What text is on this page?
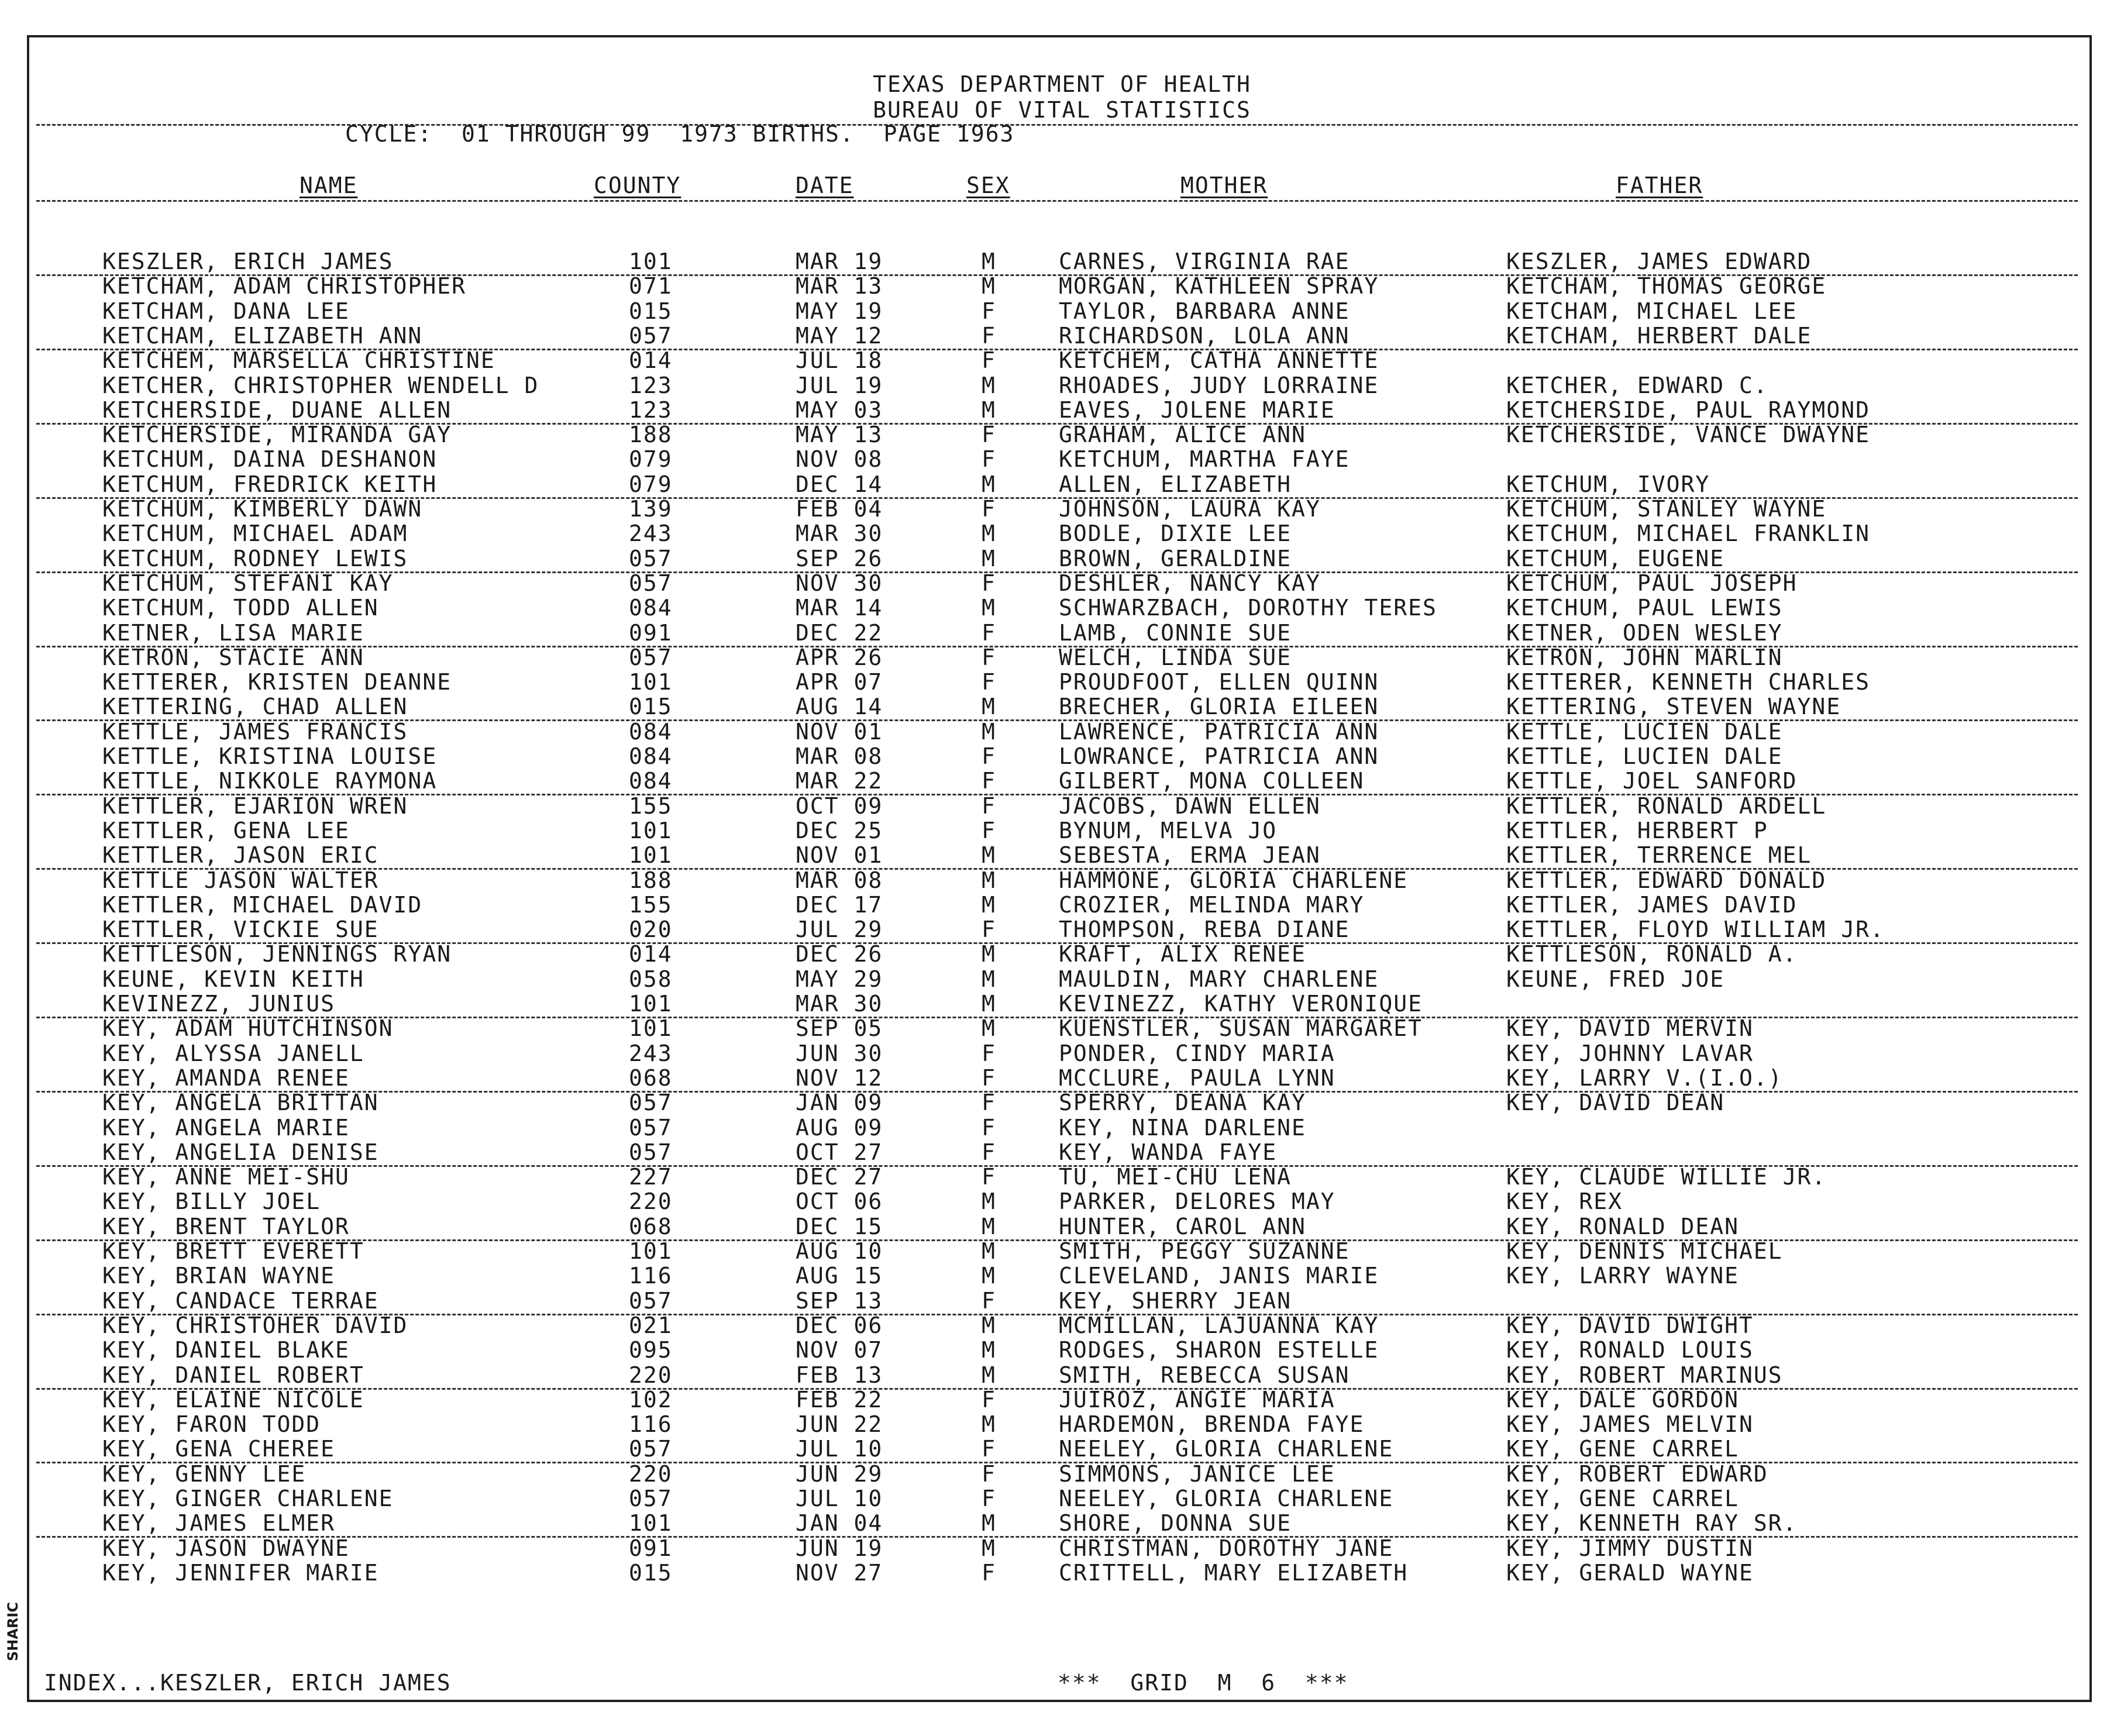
TEXAS DEPARTMENT OF HEALTH
BUREAU OF VITAL STATISTICS
CYCLE:  01 THROUGH 99  1973 BIRTHS.  PAGE 1963
NAME	COUNTY	DATE	SEX	MOTHER	FATHER
KESZLER, ERICH JAMES	101	MAR 19	M	CARNES, VIRGINIA RAE	KESZLER, JAMES EDWARD
KETCHAM, ADAM CHRISTOPHER	071	MAR 13	M	MORGAN, KATHLEEN SPRAY	KETCHAM, THOMAS GEORGE
KETCHAM, DANA LEE	015	MAY 19	F	TAYLOR, BARBARA ANNE	KETCHAM, MICHAEL LEE
KETCHAM, ELIZABETH ANN	057	MAY 12	F	RICHARDSON, LOLA ANN	KETCHAM, HERBERT DALE
KETCHEM, MARSELLA CHRISTINE	014	JUL 18	F	KETCHEM, CATHA ANNETTE
KETCHER, CHRISTOPHER WENDELL D	123	JUL 19	M	RHOADES, JUDY LORRAINE	KETCHER, EDWARD C.
KETCHERSIDE, DUANE ALLEN	123	MAY 03	M	EAVES, JOLENE MARIE	KETCHERSIDE, PAUL RAYMOND
KETCHERSIDE, MIRANDA GAY	188	MAY 13	F	GRAHAM, ALICE ANN	KETCHERSIDE, VANCE DWAYNE
KETCHUM, DAINA DESHANON	079	NOV 08	F	KETCHUM, MARTHA FAYE
KETCHUM, FREDRICK KEITH	079	DEC 14	M	ALLEN, ELIZABETH	KETCHUM, IVORY
KETCHUM, KIMBERLY DAWN	139	FEB 04	F	JOHNSON, LAURA KAY	KETCHUM, STANLEY WAYNE
KETCHUM, MICHAEL ADAM	243	MAR 30	M	BODLE, DIXIE LEE	KETCHUM, MICHAEL FRANKLIN
KETCHUM, RODNEY LEWIS	057	SEP 26	M	BROWN, GERALDINE	KETCHUM, EUGENE
KETCHUM, STEFANI KAY	057	NOV 30	F	DESHLER, NANCY KAY	KETCHUM, PAUL JOSEPH
KETCHUM, TODD ALLEN	084	MAR 14	M	SCHWARZBACH, DOROTHY TERES	KETCHUM, PAUL LEWIS
KETNER, LISA MARIE	091	DEC 22	F	LAMB, CONNIE SUE	KETNER, ODEN WESLEY
KETRON, STACIE ANN	057	APR 26	F	WELCH, LINDA SUE	KETRON, JOHN MARLIN
KETTERER, KRISTEN DEANNE	101	APR 07	F	PROUDFOOT, ELLEN QUINN	KETTERER, KENNETH CHARLES
KETTERING, CHAD ALLEN	015	AUG 14	M	BRECHER, GLORIA EILEEN	KETTERING, STEVEN WAYNE
KETTLE, JAMES FRANCIS	084	NOV 01	M	LAWRENCE, PATRICIA ANN	KETTLE, LUCIEN DALE
KETTLE, KRISTINA LOUISE	084	MAR 08	F	LOWRANCE, PATRICIA ANN	KETTLE, LUCIEN DALE
KETTLE, NIKKOLE RAYMONA	084	MAR 22	F	GILBERT, MONA COLLEEN	KETTLE, JOEL SANFORD
KETTLER, EJARION WREN	155	OCT 09	F	JACOBS, DAWN ELLEN	KETTLER, RONALD ARDELL
KETTLER, GENA LEE	101	DEC 25	F	BYNUM, MELVA JO	KETTLER, HERBERT P
KETTLER, JASON ERIC	101	NOV 01	M	SEBESTA, ERMA JEAN	KETTLER, TERRENCE MEL
KETTLE JASON WALTER	188	MAR 08	M	HAMMONE, GLORIA CHARLENE	KETTLER, EDWARD DONALD
KETTLER, MICHAEL DAVID	155	DEC 17	M	CROZIER, MELINDA MARY	KETTLER, JAMES DAVID
KETTLER, VICKIE SUE	020	JUL 29	F	THOMPSON, REBA DIANE	KETTLER, FLOYD WILLIAM JR.
KETTLESON, JENNINGS RYAN	014	DEC 26	M	KRAFT, ALIX RENEE	KETTLESON, RONALD A.
KEUNE, KEVIN KEITH	058	MAY 29	M	MAULDIN, MARY CHARLENE	KEUNE, FRED JOE
KEVINEZZ, JUNIUS	101	MAR 30	M	KEVINEZZ, KATHY VERONIQUE
KEY, ADAM HUTCHINSON	101	SEP 05	M	KUENSTLER, SUSAN MARGARET	KEY, DAVID MERVIN
KEY, ALYSSA JANELL	243	JUN 30	F	PONDER, CINDY MARIA	KEY, JOHNNY LAVAR
KEY, AMANDA RENEE	068	NOV 12	F	MCCLURE, PAULA LYNN	KEY, LARRY V.(I.O.)
KEY, ANGELA BRITTAN	057	JAN 09	F	SPERRY, DEANA KAY	KEY, DAVID DEAN
KEY, ANGELA MARIE	057	AUG 09	F	KEY, NINA DARLENE
KEY, ANGELIA DENISE	057	OCT 27	F	KEY, WANDA FAYE
KEY, ANNE MEI-SHU	227	DEC 27	F	TU, MEI-CHU LENA	KEY, CLAUDE WILLIE JR.
KEY, BILLY JOEL	220	OCT 06	M	PARKER, DELORES MAY	KEY, REX
KEY, BRENT TAYLOR	068	DEC 15	M	HUNTER, CAROL ANN	KEY, RONALD DEAN
KEY, BRETT EVERETT	101	AUG 10	M	SMITH, PEGGY SUZANNE	KEY, DENNIS MICHAEL
KEY, BRIAN WAYNE	116	AUG 15	M	CLEVELAND, JANIS MARIE	KEY, LARRY WAYNE
KEY, CANDACE TERRAE	057	SEP 13	F	KEY, SHERRY JEAN
KEY, CHRISTOHER DAVID	021	DEC 06	M	MCMILLAN, LAJUANNA KAY	KEY, DAVID DWIGHT
KEY, DANIEL BLAKE	095	NOV 07	M	RODGES, SHARON ESTELLE	KEY, RONALD LOUIS
KEY, DANIEL ROBERT	220	FEB 13	M	SMITH, REBECCA SUSAN	KEY, ROBERT MARINUS
KEY, ELAINE NICOLE	102	FEB 22	F	JUIROZ, ANGIE MARIA	KEY, DALE GORDON
KEY, FARON TODD	116	JUN 22	M	HARDEMON, BRENDA FAYE	KEY, JAMES MELVIN
KEY, GENA CHEREE	057	JUL 10	F	NEELEY, GLORIA CHARLENE	KEY, GENE CARREL
KEY, GENNY LEE	220	JUN 29	F	SIMMONS, JANICE LEE	KEY, ROBERT EDWARD
KEY, GINGER CHARLENE	057	JUL 10	F	NEELEY, GLORIA CHARLENE	KEY, GENE CARREL
KEY, JAMES ELMER	101	JAN 04	M	SHORE, DONNA SUE	KEY, KENNETH RAY SR.
KEY, JASON DWAYNE	091	JUN 19	M	CHRISTMAN, DOROTHY JANE	KEY, JIMMY DUSTIN
KEY, JENNIFER MARIE	015	NOV 27	F	CRITTELL, MARY ELIZABETH	KEY, GERALD WAYNE
INDEX...KESZLER, ERICH JAMES	***  GRID  M  6  ***
SHARIC
